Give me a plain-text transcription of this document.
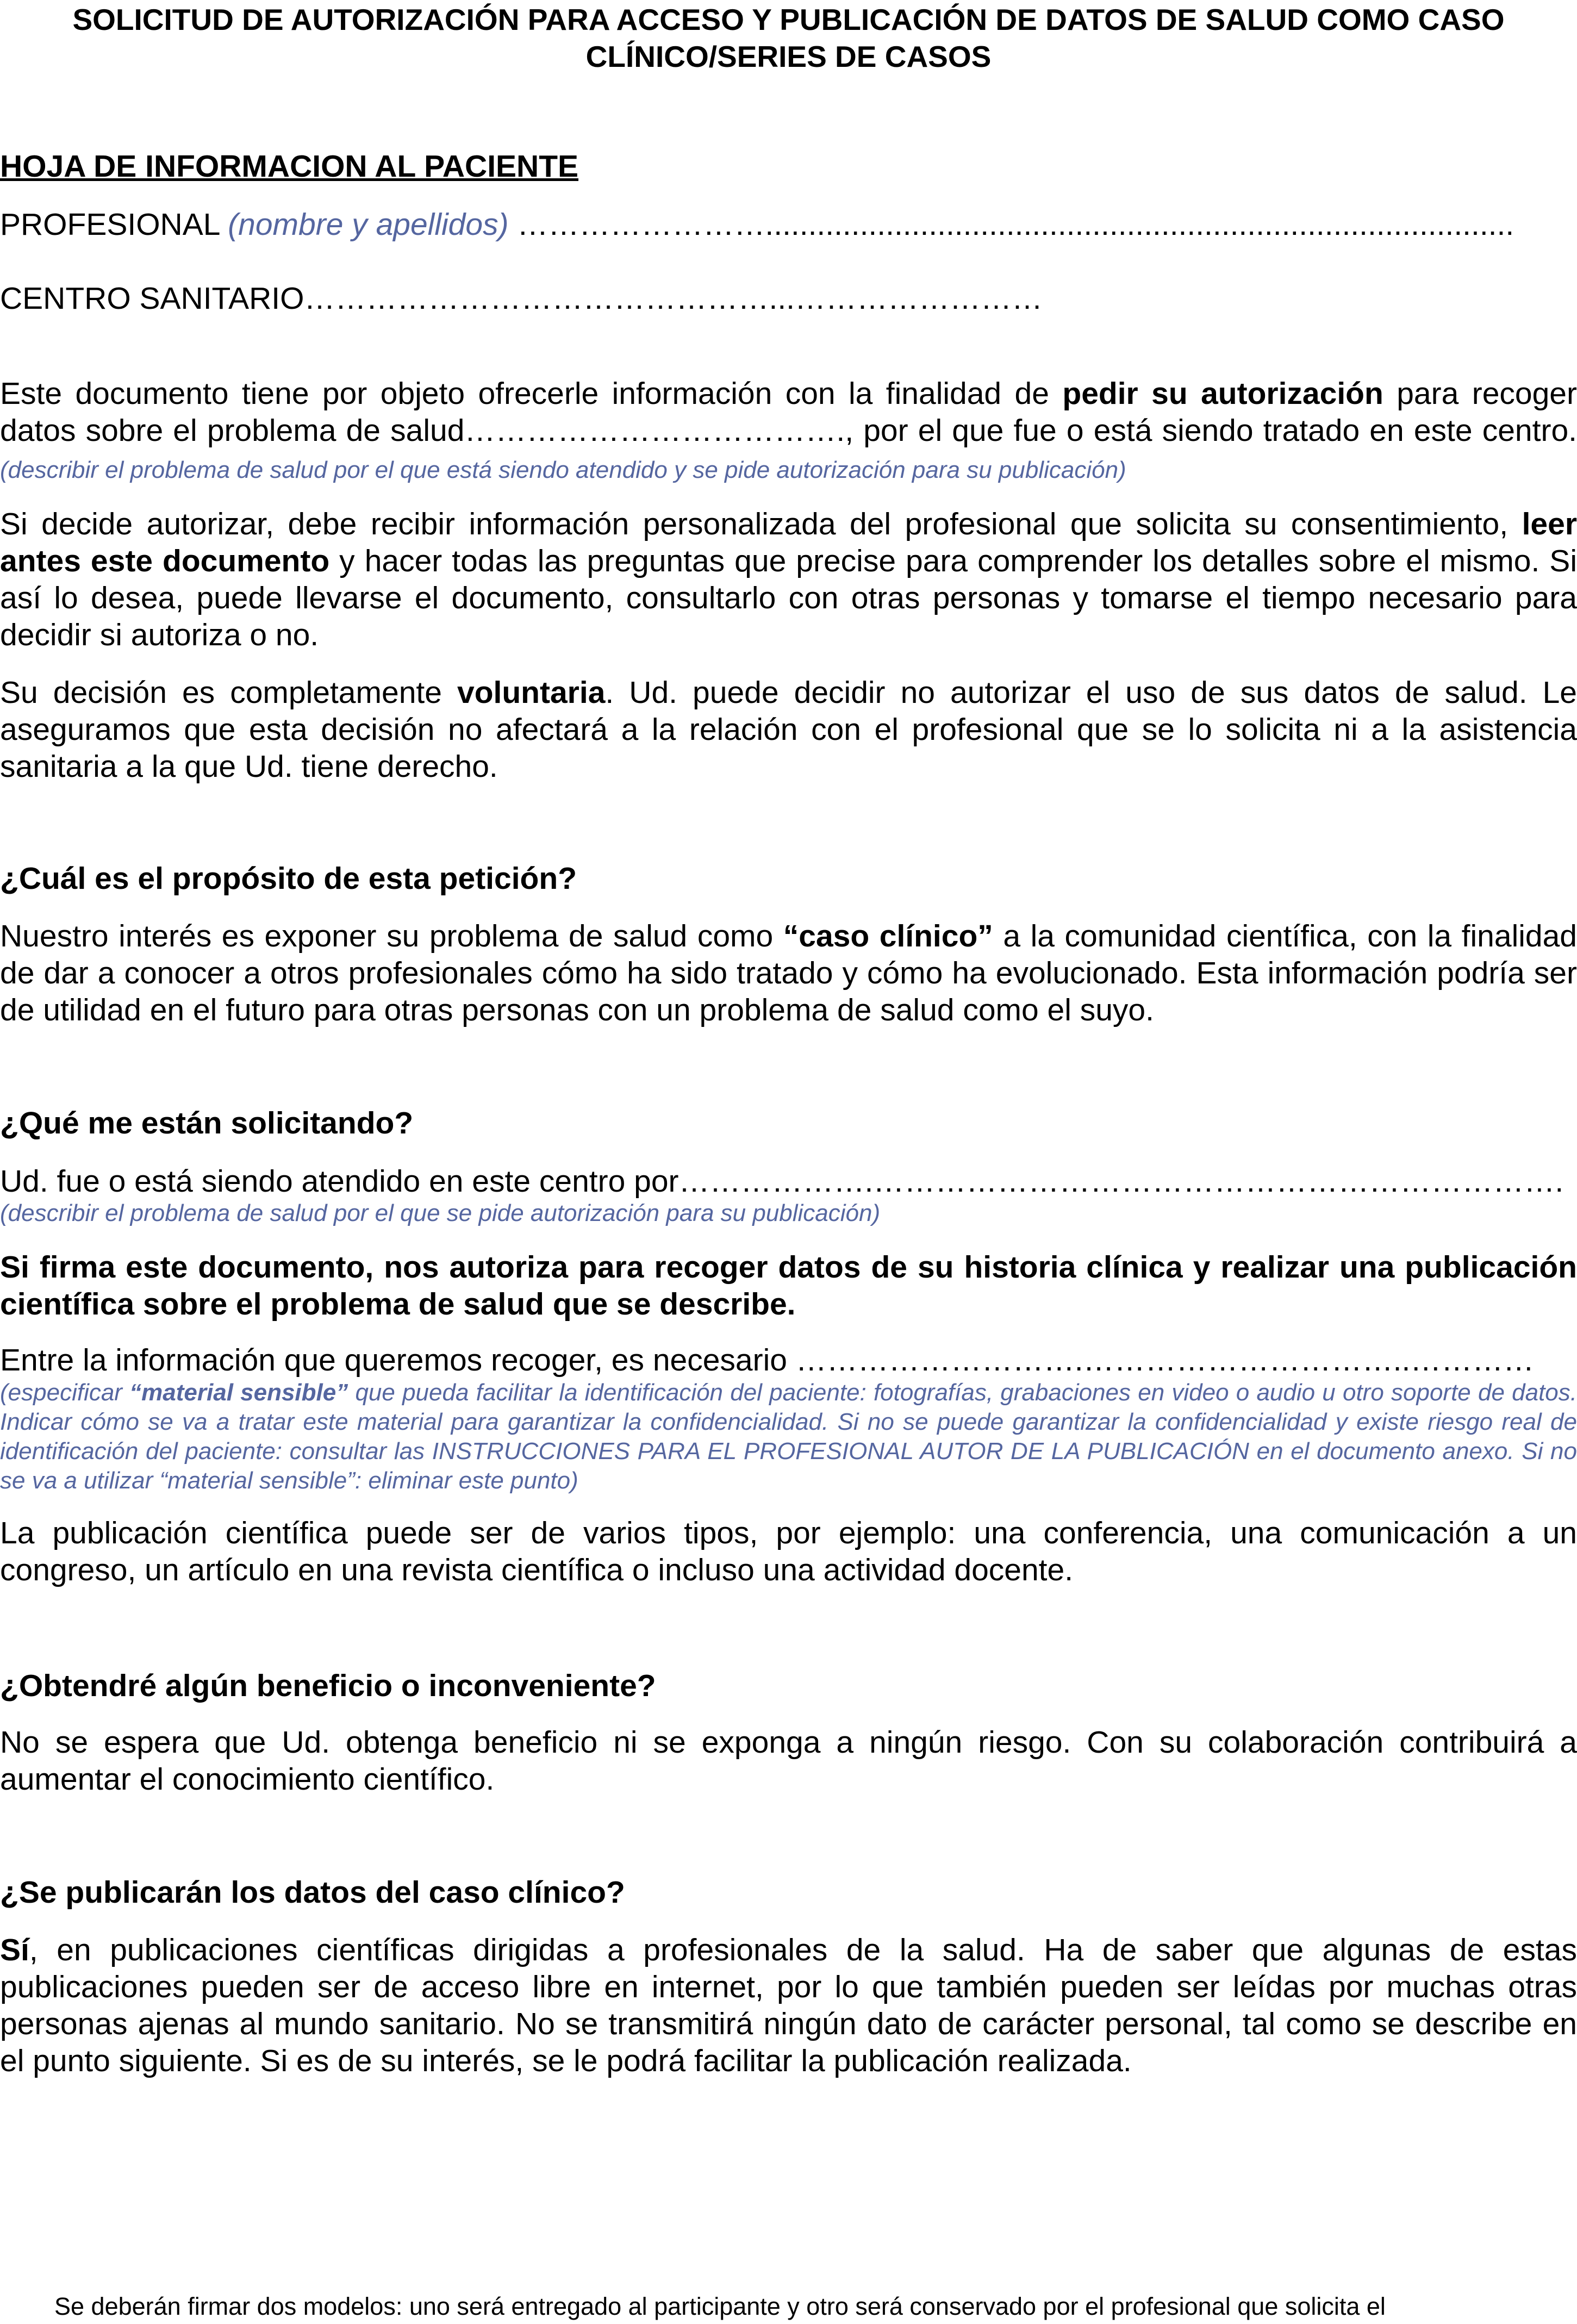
SOLICITUD DE AUTORIZACIÓN PARA ACCESO Y PUBLICACIÓN DE DATOS DE SALUD COMO CASO
CLÍNICO/SERIES DE CASOS
HOJA DE INFORMACION AL PACIENTE
PROFESIONAL (nombre y apellidos) …………………….......................................................................................
CENTRO SANITARIO………………………………………...……………………
Este documento tiene por objeto ofrecerle información con la finalidad de pedir su autorización para recoger datos sobre el problema de salud………………………………., por el que fue o está siendo tratado en este centro. (describir el problema de salud por el que está siendo atendido y se pide autorización para su publicación)
Si decide autorizar, debe recibir información personalizada del profesional que solicita su consentimiento, leer antes este documento y hacer todas las preguntas que precise para comprender los detalles sobre el mismo. Si así lo desea, puede llevarse el documento, consultarlo con otras personas y tomarse el tiempo necesario para decidir si autoriza o no.
Su decisión es completamente voluntaria. Ud. puede decidir no autorizar el uso de sus datos de salud. Le aseguramos que esta decisión no afectará a la relación con el profesional que se lo solicita ni a la asistencia sanitaria a la que Ud. tiene derecho.
¿Cuál es el propósito de esta petición?
Nuestro interés es exponer su problema de salud como “caso clínico” a la comunidad científica, con la finalidad de dar a conocer a otros profesionales cómo ha sido tratado y cómo ha evolucionado. Esta información podría ser de utilidad en el futuro para otras personas con un problema de salud como el suyo.
¿Qué me están solicitando?
Ud. fue o está siendo atendido en este centro por……………….………………………………………………………….
(describir el problema de salud por el que se pide autorización para su publicación)
Si firma este documento, nos autoriza para recoger datos de su historia clínica y realizar una publicación científica sobre el problema de salud que se describe.
Entre la información que queremos recoger, es necesario ……………………….…………………………..…………
(especificar “material sensible” que pueda facilitar la identificación del paciente: fotografías, grabaciones en video o audio u otro soporte de datos. Indicar cómo se va a tratar este material para garantizar la confidencialidad. Si no se puede garantizar la confidencialidad y existe riesgo real de identificación del paciente: consultar las INSTRUCCIONES PARA EL PROFESIONAL AUTOR DE LA PUBLICACIÓN en el documento anexo. Si no se va a utilizar “material sensible”: eliminar este punto)
La publicación científica puede ser de varios tipos, por ejemplo: una conferencia, una comunicación a un congreso, un artículo en una revista científica o incluso una actividad docente.
¿Obtendré algún beneficio o inconveniente?
No se espera que Ud. obtenga beneficio ni se exponga a ningún riesgo. Con su colaboración contribuirá a aumentar el conocimiento científico.
¿Se publicarán los datos del caso clínico?
Sí, en publicaciones científicas dirigidas a profesionales de la salud. Ha de saber que algunas de estas publicaciones pueden ser de acceso libre en internet, por lo que también pueden ser leídas por muchas otras personas ajenas al mundo sanitario. No se transmitirá ningún dato de carácter personal, tal como se describe en el punto siguiente. Si es de su interés, se le podrá facilitar la publicación realizada.
Se deberán firmar dos modelos: uno será entregado al participante y otro será conservado por el profesional que solicita el
